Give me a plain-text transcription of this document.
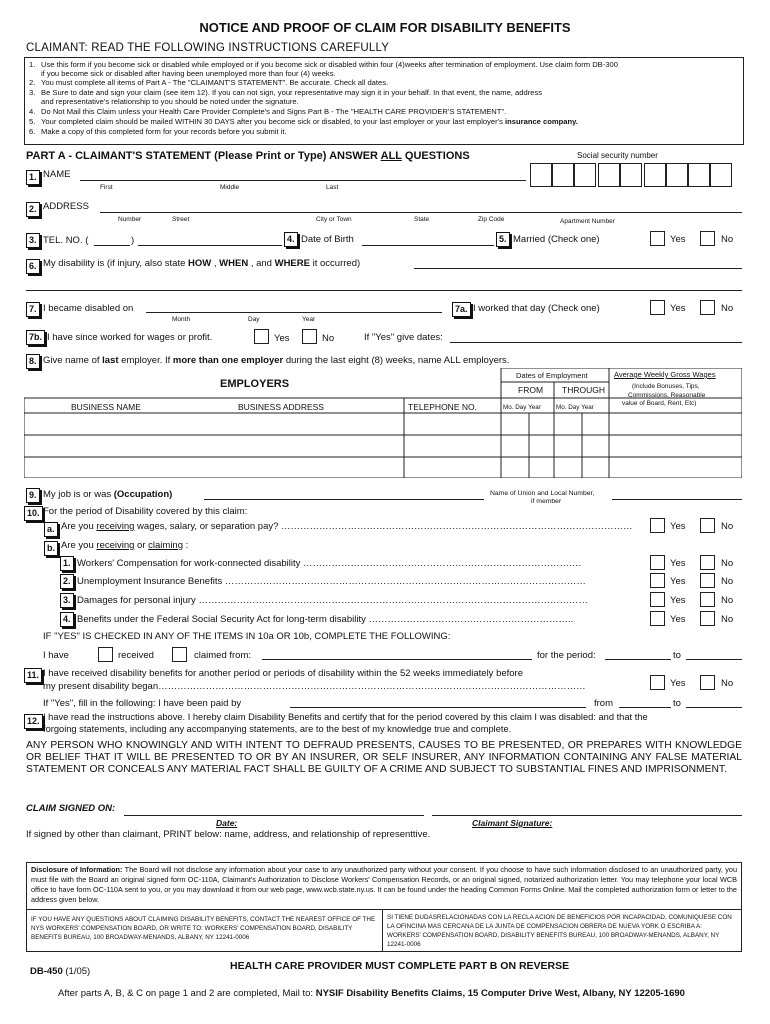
NOTICE AND PROOF OF CLAIM FOR DISABILITY BENEFITS
CLAIMANT: READ THE FOLLOWING INSTRUCTIONS CAREFULLY
1. Use this form if you become sick or disabled while employed or if you become sick or disabled within four (4)weeks after termination of employment. Use claim form DB-300
if you become sick or disabled after having been unemployed more than four (4) weeks.
2. You must complete all items of Part A - The "CLAIMANT'S STATEMENT". Be accurate. Check all dates.
3. Be Sure to date and sign your claim (see item 12). If you can not sign, your representative may sign it in your behalf. In that event, the name, address
and representative's relationship to you should be noted under the signature.
4. Do Not Mail this Claim unless your Health Care Provider Complete's and Signs Part B - The "HEALTH CARE PROVIDER'S STATEMENT".
5. Your completed claim should be mailed WITHIN 30 DAYS after you become sick or disabled, to your last employer or your last employer's insurance company.
6. Make a copy of this completed form for your records before you submit it.
PART A - CLAIMANT'S STATEMENT (Please Print or Type) ANSWER ALL QUESTIONS	Social security number
1. NAME
First	Middle	Last
2. ADDRESS
Number	Street	City or Town	State	Zip Code	Apartment Number
3. TEL. NO. (	)	4. Date of Birth	5. Married (Check one)	Yes	No
6. My disability is (if injury, also state HOW , WHEN , and WHERE it occurred)
7. I became disabled on
Month	Day	Year
7a. I worked that day (Check one)	Yes	No
7b. I have since worked for wages or profit.	Yes	No	If "Yes" give dates:
8. Give name of last employer. If more than one employer during the last eight (8) weeks, name ALL employers.
EMPLOYERS
Dates of Employment
FROM THROUGH
Average Weekly Gross Wages
(Include Bonuses, Tips,
Commissions, Reasonable
value of Board, Rent, Etc)
BUSINESS NAME	BUSINESS ADDRESS	TELEPHONE NO.	Mo. Day Year Mo. Day Year
9. My job is or was (Occupation)	Name of Union and Local Number,
if member
10. For the period of Disability covered by this claim:
a. Are you receiving wages, salary, or separation pay? …………………………………………………………………………………………………	Yes	No
b. Are you receiving or claiming :
1. Workers' Compensation for work-connected disability …………………………………………………………………………….	Yes	No
2. Unemployment Insurance Benefits ……………………………………………………………………………………………………	Yes	No
3. Damages for personal injury ……………………………………………………………………………………………………………	Yes	No
4. Benefits under the Federal Social Security Act for long-term disability ………………………………………………………..	Yes	No
IF "YES" IS CHECKED IN ANY OF THE ITEMS IN 10a OR 10b, COMPLETE THE FOLLOWING:
I have	received	claimed from:	for the period:	to
11. I have received disability benefits for another period or periods of disability within the 52 weeks immediately before
my present disability began………………………………………………………………………………………………………………………	Yes	No
If "Yes", fill in the following: I have been paid by	from	to
12. I have read the instructions above. I hereby claim Disability Benefits and certify that for the period covered by this claim I was disabled: and that the
forgoing statements, including any accompanying statements, are to the best of my knowledge true and complete.
ANY PERSON WHO KNOWINGLY AND WITH INTENT TO DEFRAUD PRESENTS, CAUSES TO BE PRESENTED, OR PREPARES WITH KNOWLEDGE OR BELIEF THAT IT WILL BE PRESENTED TO OR BY AN INSURER, OR SELF INSURER, ANY INFORMATION CONTAINING ANY FALSE MATERIAL STATEMENT OR CONCEALS ANY MATERIAL FACT SHALL BE GUILTY OF A CRIME AND SUBJECT TO SUBSTANTIAL FINES AND IMPRISONMENT.
CLAIM SIGNED ON:
Date:	Claimant Signature:
If signed by other than claimant, PRINT below: name, address, and relationship of representtive.
Disclosure of Information: The Board will not disclose any information about your case to any unauthorized party without your consent. If you choose to have such information disclosed to an unauthorized party, you must file with the Board an original signed form OC-110A, Claimant's Authorization to Disclose Workers' Compensation Records, or an original signed, notarized authorization letter. You may telephone your local WCB office to have form OC-110A sent to you, or you may download it from our web page, www.wcb.state.ny.us. It can be found under the heading Common Forms Online. Mail the completed authorization form or letter to the address given below.
IF YOU HAVE ANY QUESTIONS ABOUT CLAIMING DISABILITY BENEFITS, CONTACT THE NEAREST OFFICE OF THE NYS WORKERS' COMPENSATION BOARD, OR WRITE TO: WORKERS' COMPENSATION BOARD, DISABILITY BENEFITS BUREAU, 100 BROADWAY-MENANDS, ALBANY, NY 12241-0006
SI TIENE DUDASRELACIONADAS CON LA RECLA ACION DE BENEFICIOS POR INCAPACIDAD, COMUNIQUESE CON LA OFINCINA MAS CERCANA DE LA JUNTA DE COMPENSACION OBRERA DE NUEVA YORK O ESCRIBA A: WORKERS' COMPENSATION BOARD, DISABILITY BENEFITS BUREAU, 100 BROADWAY-MENANDS, ALBANY, NY 12241-0006
DB-450 (1/05)	HEALTH CARE PROVIDER MUST COMPLETE PART B ON REVERSE
After parts A, B, & C on page 1 and 2 are completed, Mail to: NYSIF Disability Benefits Claims, 15 Computer Drive West, Albany, NY 12205-1690
